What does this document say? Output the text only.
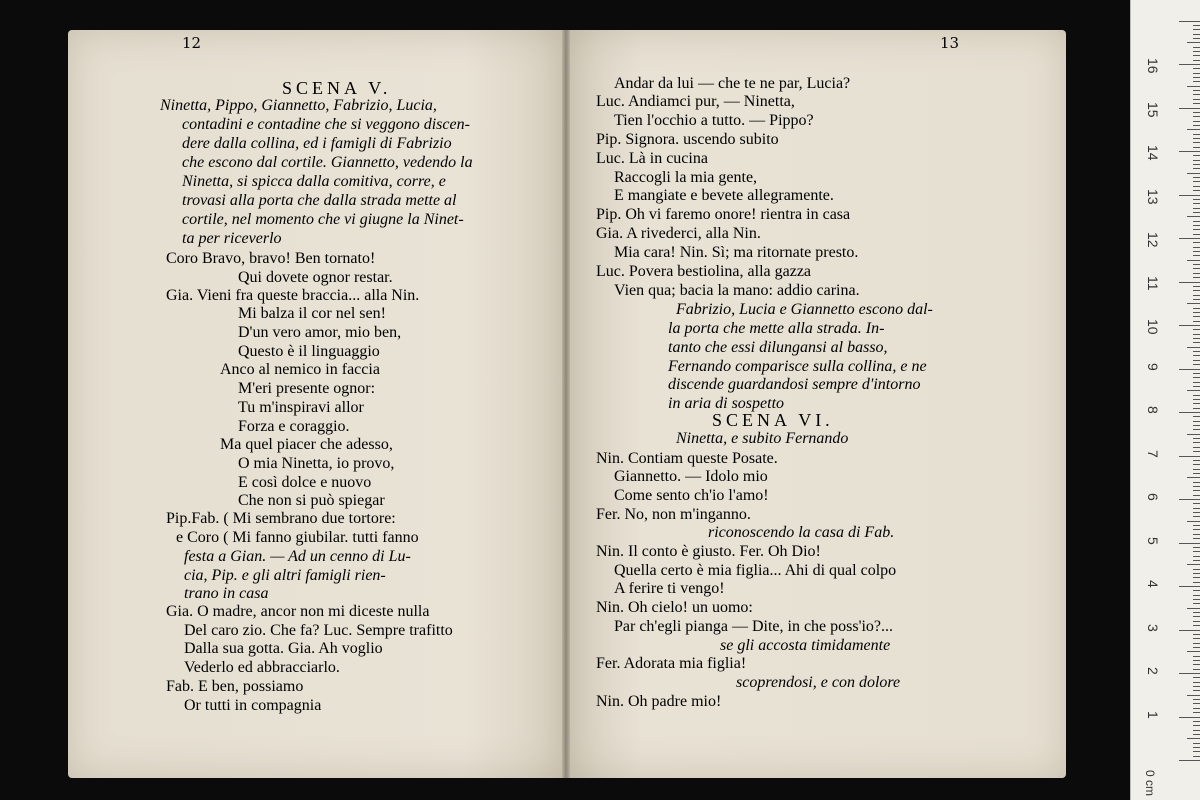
12	13
SCENA V.
SCENA VI.
Ninetta, Pippo, Giannetto, Fabrizio, Lucia,
contadini e contadine che si veggono discen-
dere dalla collina, ed i famigli di Fabrizio
che escono dal cortile. Giannetto, vedendo la
Ninetta, si spicca dalla comitiva, corre, e
trovasi alla porta che dalla strada mette al
cortile, nel momento che vi giugne la Ninet-
ta per riceverlo
Coro Bravo, bravo! Ben tornato!
Qui dovete ognor restar.
Gia. Vieni fra queste braccia... alla Nin.
Mi balza il cor nel sen!
D'un vero amor, mio ben,
Questo è il linguaggio
Anco al nemico in faccia
M'eri presente ognor:
Tu m'inspiravi allor
Forza e coraggio.
Ma quel piacer che adesso,
O mia Ninetta, io provo,
E così dolce e nuovo
Che non si può spiegar
Pip.Fab. ( Mi sembrano due tortore:
e Coro ( Mi fanno giubilar. tutti fanno
festa a Gian. — Ad un cenno di Lu-
cia, Pip. e gli altri famigli rien-
trano in casa
Gia. O madre, ancor non mi diceste nulla
Del caro zio. Che fa? Luc. Sempre trafitto
Dalla sua gotta. Gia. Ah voglio
Vederlo ed abbracciarlo.
Fab. E ben, possiamo
Or tutti in compagnia
Andar da lui — che te ne par, Lucia?
Luc. Andiamci pur, — Ninetta,
Tien l'occhio a tutto. — Pippo?
Pip. Signora. uscendo subito
Luc. Là in cucina
Raccogli la mia gente,
E mangiate e bevete allegramente.
Pip. Oh vi faremo onore! rientra in casa
Gia. A rivederci, alla Nin.
Mia cara! Nin. Sì; ma ritornate presto.
Luc. Povera bestiolina, alla gazza
Vien qua; bacia la mano: addio carina.
Fabrizio, Lucia e Giannetto escono dal-
la porta che mette alla strada. In-
tanto che essi dilungansi al basso,
Fernando comparisce sulla collina, e ne
discende guardandosi sempre d'intorno
in aria di sospetto
Ninetta, e subito Fernando
Nin. Contiam queste Posate.
Giannetto. — Idolo mio
Come sento ch'io l'amo!
Fer. No, non m'inganno.
riconoscendo la casa di Fab.
Nin. Il conto è giusto. Fer. Oh Dio!
Quella certo è mia figlia... Ahi di qual colpo
A ferire ti vengo!
Nin. Oh cielo! un uomo:
Par ch'egli pianga — Dite, in che poss'io?...
se gli accosta timidamente
Fer. Adorata mia figlia!
scoprendosi, e con dolore
Nin. Oh padre mio!
1
2
3
4
5
6
7
8
9
10
11
12
13
14
15
16
0 cm
